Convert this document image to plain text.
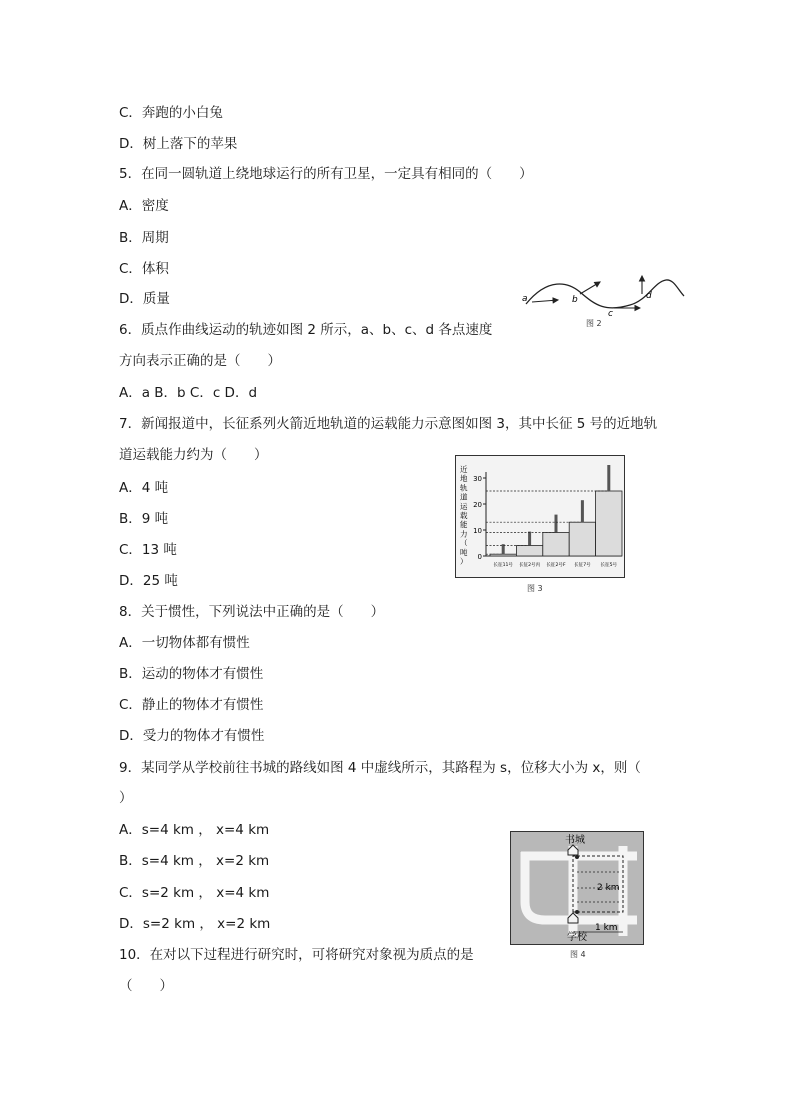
C．奔跑的小白兔
D．树上落下的苹果
5．在同一圆轨道上绕地球运行的所有卫星，一定具有相同的（　　）
A．密度
B．周期
C．体积
D．质量
6．质点作曲线运动的轨迹如图 2 所示，a、b、c、d 各点速度
方向表示正确的是（　　）
A．a B．b C．c D．d
a	b
c
d
图 2
7．新闻报道中，长征系列火箭近地轨道的运载能力示意图如图 3，其中长征 5 号的近地轨
道运载能力约为（　　）
A．4 吨
B．9 吨
C．13 吨
D．25 吨
近
地
轨
道
运
载
能
力
（
吨
） 0
10
20
30
长征11号 长征2号丙 长征2号F 长征7号 长征5号
图 3
8．关于惯性，下列说法中正确的是（　　）
A．一切物体都有惯性
B．运动的物体才有惯性
C．静止的物体才有惯性
D．受力的物体才有惯性
9．某同学从学校前往书城的路线如图 4 中虚线所示，其路程为 s，位移大小为 x，则（
）
A．s=4 km ， x=4 km
B．s=4 km ， x=2 km
C．s=2 km ， x=4 km
D．s=2 km ， x=2 km
书城
学校
2 km
1 km
图 4
10．在对以下过程进行研究时，可将研究对象视为质点的是
（　　）
